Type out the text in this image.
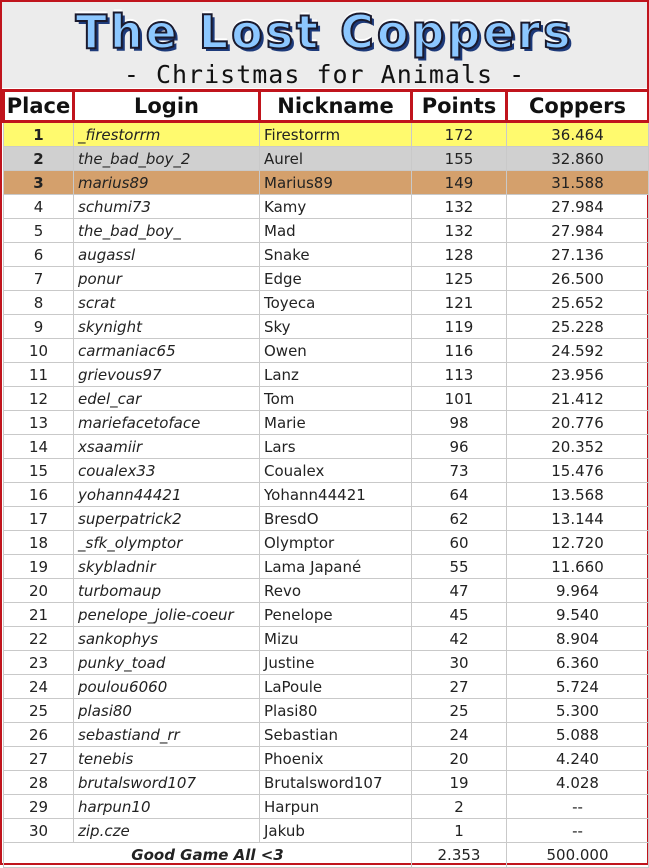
The Lost Coppers
- Christmas for Animals -
Place	Login	Nickname	Points	Coppers
1	_firestorrm	Firestorrm	172	36.464
2	the_bad_boy_2	Aurel	155	32.860
3	marius89	Marius89	149	31.588
4	schumi73	Kamy	132	27.984
5	the_bad_boy_	Mad	132	27.984
6	augassl	Snake	128	27.136
7	ponur	Edge	125	26.500
8	scrat	Toyeca	121	25.652
9	skynight	Sky	119	25.228
10	carmaniac65	Owen	116	24.592
11	grievous97	Lanz	113	23.956
12	edel_car	Tom	101	21.412
13	mariefacetoface	Marie	98	20.776
14	xsaamiir	Lars	96	20.352
15	coualex33	Coualex	73	15.476
16	yohann44421	Yohann44421	64	13.568
17	superpatrick2	BresdO	62	13.144
18	_sfk_olymptor	Olymptor	60	12.720
19	skybladnir	Lama Japané	55	11.660
20	turbomaup	Revo	47	9.964
21	penelope_jolie-coeur	Penelope	45	9.540
22	sankophys	Mizu	42	8.904
23	punky_toad	Justine	30	6.360
24	poulou6060	LaPoule	27	5.724
25	plasi80	Plasi80	25	5.300
26	sebastiand_rr	Sebastian	24	5.088
27	tenebis	Phoenix	20	4.240
28	brutalsword107	Brutalsword107	19	4.028
29	harpun10	Harpun	2	--
30	zip.cze	Jakub	1	--
Good Game All <3			2.353	500.000
